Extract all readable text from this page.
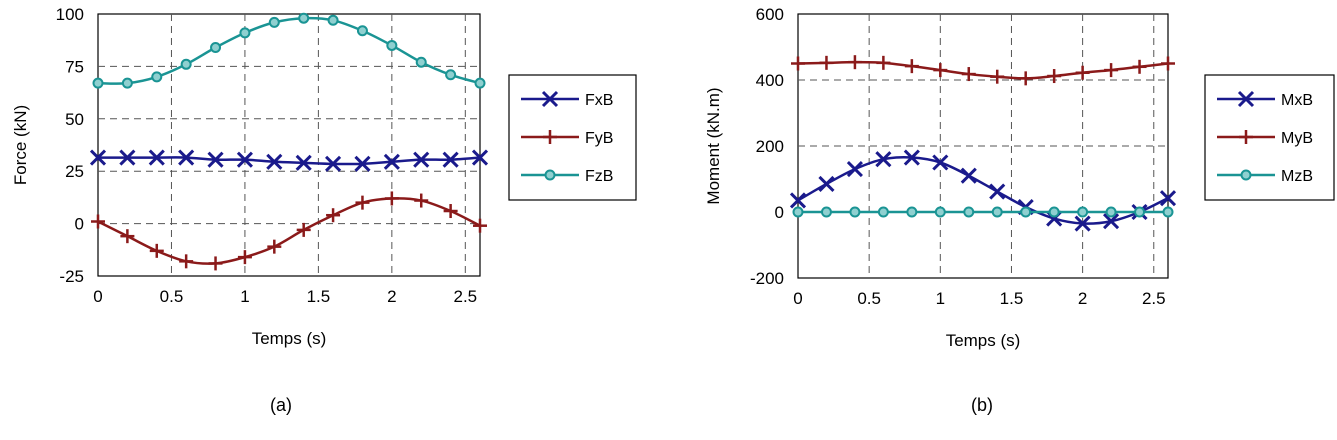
0	0.5	1	1.5	2	2.5
-25
0
25
50
75
100
Temps (s)
Force (kN)
(a)
FxB
FyB
FzB
0	0.5	1	1.5	2	2.5
-200
0
200
400
600
Temps (s)
Moment (kN.m)
(b)
MxB
MyB
MzB
